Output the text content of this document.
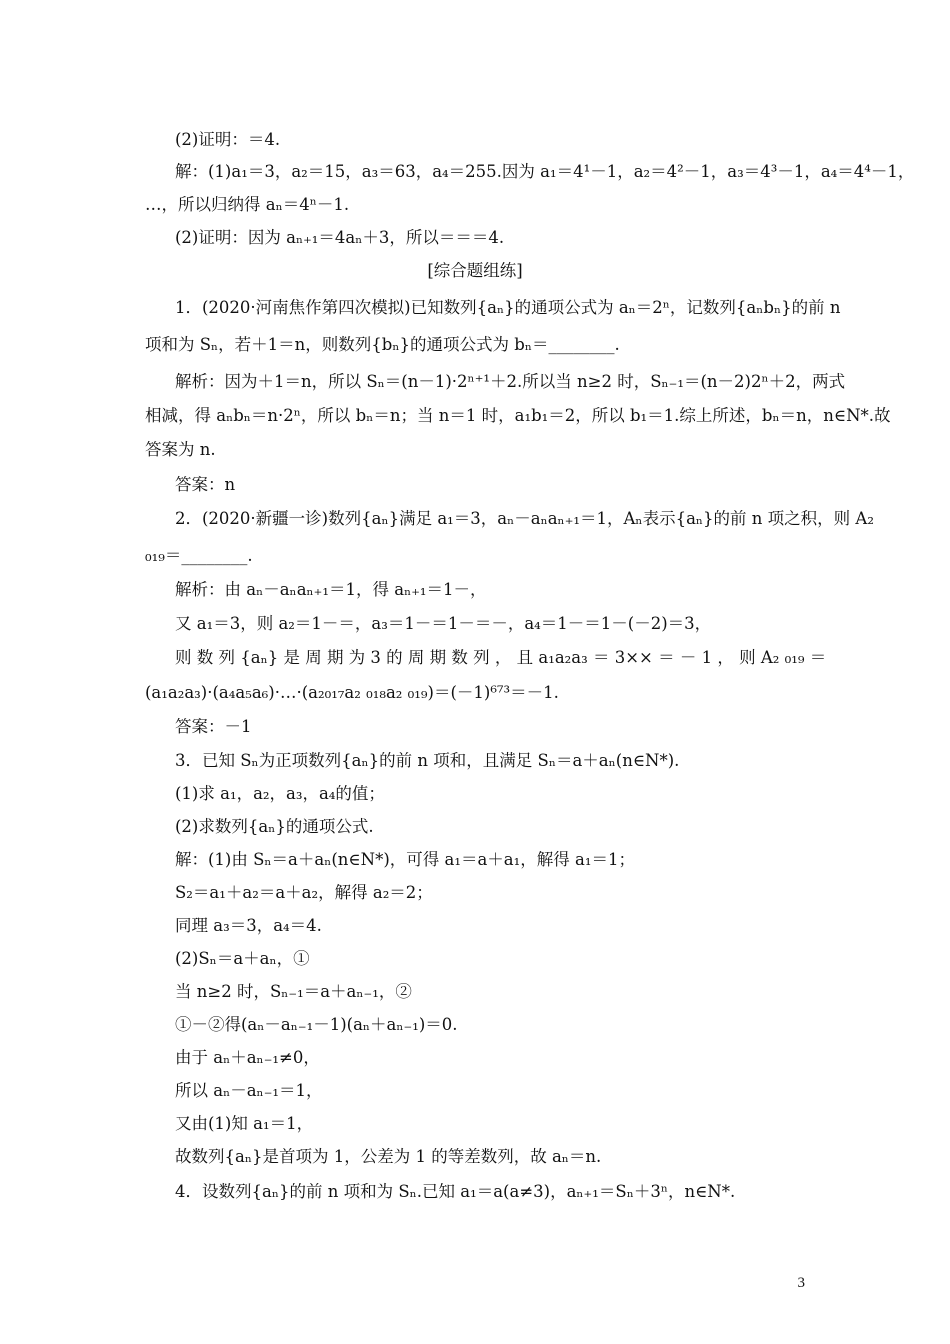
(2)证明：＝4.
解：(1)a₁＝3，a₂＝15，a₃＝63，a₄＝255.因为 a₁＝4¹－1，a₂＝4²－1，a₃＝4³－1，a₄＝4⁴－1，
…，所以归纳得 aₙ＝4ⁿ－1.
(2)证明：因为 aₙ₊₁＝4aₙ＋3，所以＝＝＝4.
[综合题组练]
1．(2020·河南焦作第四次模拟)已知数列{aₙ}的通项公式为 aₙ＝2ⁿ，记数列{aₙbₙ}的前 n
项和为 Sₙ，若＋1＝n，则数列{bₙ}的通项公式为 bₙ＝________.
解析：因为＋1＝n，所以 Sₙ＝(n－1)·2ⁿ⁺¹＋2.所以当 n≥2 时，Sₙ₋₁＝(n－2)2ⁿ＋2，两式
相减，得 aₙbₙ＝n·2ⁿ，所以 bₙ＝n；当 n＝1 时，a₁b₁＝2，所以 b₁＝1.综上所述，bₙ＝n，n∈N*.故
答案为 n.
答案：n
2．(2020·新疆一诊)数列{aₙ}满足 a₁＝3，aₙ－aₙaₙ₊₁＝1，Aₙ表示{aₙ}的前 n 项之积，则 A₂
₀₁₉＝________.
解析：由 aₙ－aₙaₙ₊₁＝1，得 aₙ₊₁＝1－，
又 a₁＝3，则 a₂＝1－＝，a₃＝1－＝1－＝－，a₄＝1－＝1－(－2)＝3，
则 数 列 {aₙ} 是 周 期 为 3 的 周 期 数 列 ， 且 a₁a₂a₃ ＝ 3×× ＝ － 1 ， 则 A₂ ₀₁₉ ＝
(a₁a₂a₃)·(a₄a₅a₆)·…·(a₂₀₁₇a₂ ₀₁₈a₂ ₀₁₉)＝(－1)⁶⁷³＝－1.
答案：－1
3．已知 Sₙ为正项数列{aₙ}的前 n 项和，且满足 Sₙ＝a＋aₙ(n∈N*).
(1)求 a₁，a₂，a₃，a₄的值；
(2)求数列{aₙ}的通项公式.
解：(1)由 Sₙ＝a＋aₙ(n∈N*)，可得 a₁＝a＋a₁，解得 a₁＝1；
S₂＝a₁＋a₂＝a＋a₂，解得 a₂＝2；
同理 a₃＝3，a₄＝4.
(2)Sₙ＝a＋aₙ，①
当 n≥2 时，Sₙ₋₁＝a＋aₙ₋₁，②
①－②得(aₙ－aₙ₋₁－1)(aₙ＋aₙ₋₁)＝0.
由于 aₙ＋aₙ₋₁≠0，
所以 aₙ－aₙ₋₁＝1，
又由(1)知 a₁＝1，
故数列{aₙ}是首项为 1，公差为 1 的等差数列，故 aₙ＝n.
4．设数列{aₙ}的前 n 项和为 Sₙ.已知 a₁＝a(a≠3)，aₙ₊₁＝Sₙ＋3ⁿ，n∈N*.
3
